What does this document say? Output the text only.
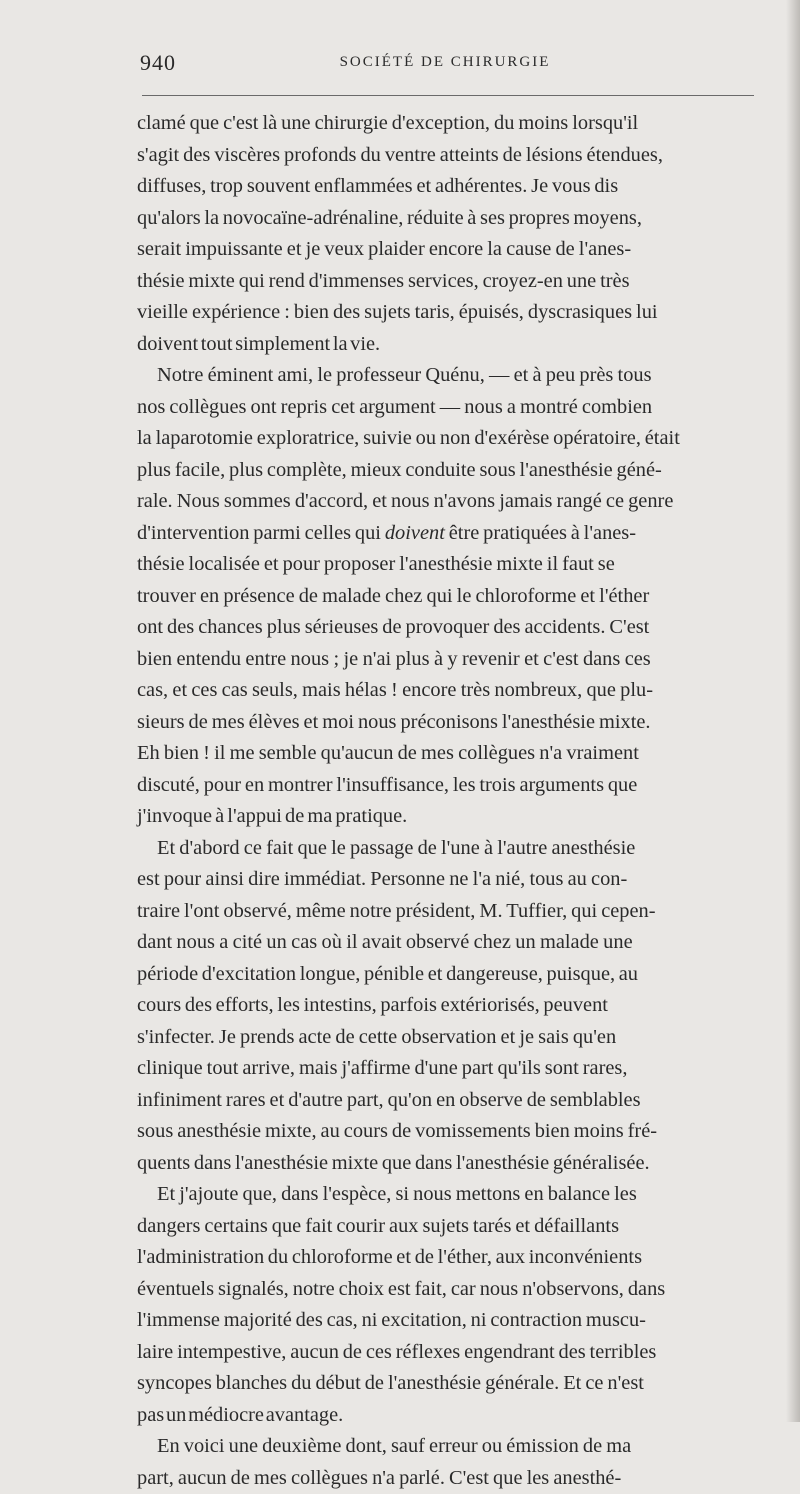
940	SOCIÉTÉ DE CHIRURGIE
clamé que c'est là une chirurgie d'exception, du moins lorsqu'il
s'agit des viscères profonds du ventre atteints de lésions étendues,
diffuses, trop souvent enflammées et adhérentes. Je vous dis
qu'alors la novocaïne-adrénaline, réduite à ses propres moyens,
serait impuissante et je veux plaider encore la cause de l'anes-
thésie mixte qui rend d'immenses services, croyez-en une très
vieille expérience : bien des sujets taris, épuisés, dyscrasiques lui
doivent tout simplement la vie.
Notre éminent ami, le professeur Quénu, — et à peu près tous
nos collègues ont repris cet argument — nous a montré combien
la laparotomie exploratrice, suivie ou non d'exérèse opératoire, était
plus facile, plus complète, mieux conduite sous l'anesthésie géné-
rale. Nous sommes d'accord, et nous n'avons jamais rangé ce genre
d'intervention parmi celles qui doivent être pratiquées à l'anes-
thésie localisée et pour proposer l'anesthésie mixte il faut se
trouver en présence de malade chez qui le chloroforme et l'éther
ont des chances plus sérieuses de provoquer des accidents. C'est
bien entendu entre nous ; je n'ai plus à y revenir et c'est dans ces
cas, et ces cas seuls, mais hélas ! encore très nombreux, que plu-
sieurs de mes élèves et moi nous préconisons l'anesthésie mixte.
Eh bien ! il me semble qu'aucun de mes collègues n'a vraiment
discuté, pour en montrer l'insuffisance, les trois arguments que
j'invoque à l'appui de ma pratique.
Et d'abord ce fait que le passage de l'une à l'autre anesthésie
est pour ainsi dire immédiat. Personne ne l'a nié, tous au con-
traire l'ont observé, même notre président, M. Tuffier, qui cepen-
dant nous a cité un cas où il avait observé chez un malade une
période d'excitation longue, pénible et dangereuse, puisque, au
cours des efforts, les intestins, parfois extériorisés, peuvent
s'infecter. Je prends acte de cette observation et je sais qu'en
clinique tout arrive, mais j'affirme d'une part qu'ils sont rares,
infiniment rares et d'autre part, qu'on en observe de semblables
sous anesthésie mixte, au cours de vomissements bien moins fré-
quents dans l'anesthésie mixte que dans l'anesthésie généralisée.
Et j'ajoute que, dans l'espèce, si nous mettons en balance les
dangers certains que fait courir aux sujets tarés et défaillants
l'administration du chloroforme et de l'éther, aux inconvénients
éventuels signalés, notre choix est fait, car nous n'observons, dans
l'immense majorité des cas, ni excitation, ni contraction muscu-
laire intempestive, aucun de ces réflexes engendrant des terribles
syncopes blanches du début de l'anesthésie générale. Et ce n'est
pas un médiocre avantage.
En voici une deuxième dont, sauf erreur ou émission de ma
part, aucun de mes collègues n'a parlé. C'est que les anesthé-
